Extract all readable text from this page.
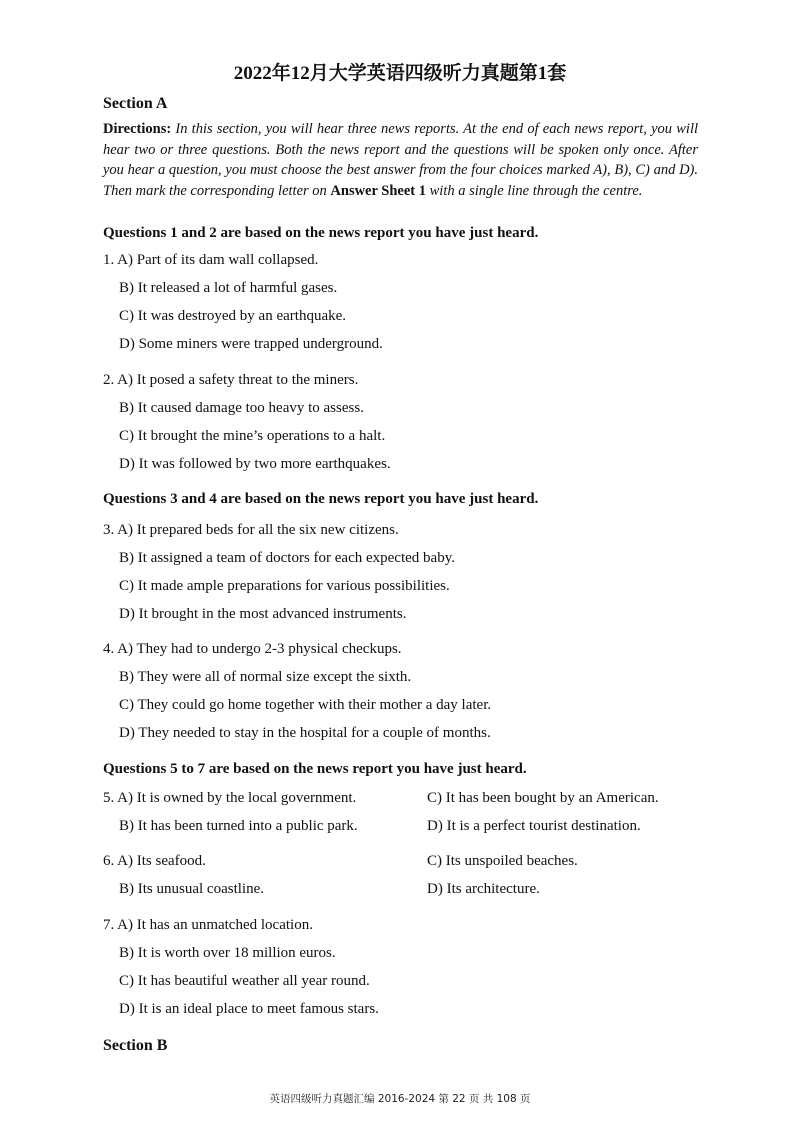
2022年12月大学英语四级听力真题第1套
Section A
Directions: In this section, you will hear three news reports. At the end of each news report, you will hear two or three questions. Both the news report and the questions will be spoken only once. After you hear a question, you must choose the best answer from the four choices marked A), B), C) and D). Then mark the corresponding letter on Answer Sheet 1 with a single line through the centre.
Questions 1 and 2 are based on the news report you have just heard.
1. A) Part of its dam wall collapsed.
B) It released a lot of harmful gases.
C) It was destroyed by an earthquake.
D) Some miners were trapped underground.
2. A) It posed a safety threat to the miners.
B) It caused damage too heavy to assess.
C) It brought the mine’s operations to a halt.
D) It was followed by two more earthquakes.
Questions 3 and 4 are based on the news report you have just heard.
3. A) It prepared beds for all the six new citizens.
B) It assigned a team of doctors for each expected baby.
C) It made ample preparations for various possibilities.
D) It brought in the most advanced instruments.
4. A) They had to undergo 2-3 physical checkups.
B) They were all of normal size except the sixth.
C) They could go home together with their mother a day later.
D) They needed to stay in the hospital for a couple of months.
Questions 5 to 7 are based on the news report you have just heard.
5. A) It is owned by the local government.	C) It has been bought by an American.
B) It has been turned into a public park.	D) It is a perfect tourist destination.
6. A) Its seafood.	C) Its unspoiled beaches.
B) Its unusual coastline.	D) Its architecture.
7. A) It has an unmatched location.
B) It is worth over 18 million euros.
C) It has beautiful weather all year round.
D) It is an ideal place to meet famous stars.
Section B
英语四级听力真题汇编 2016-2024 第 22 页 共 108 页
